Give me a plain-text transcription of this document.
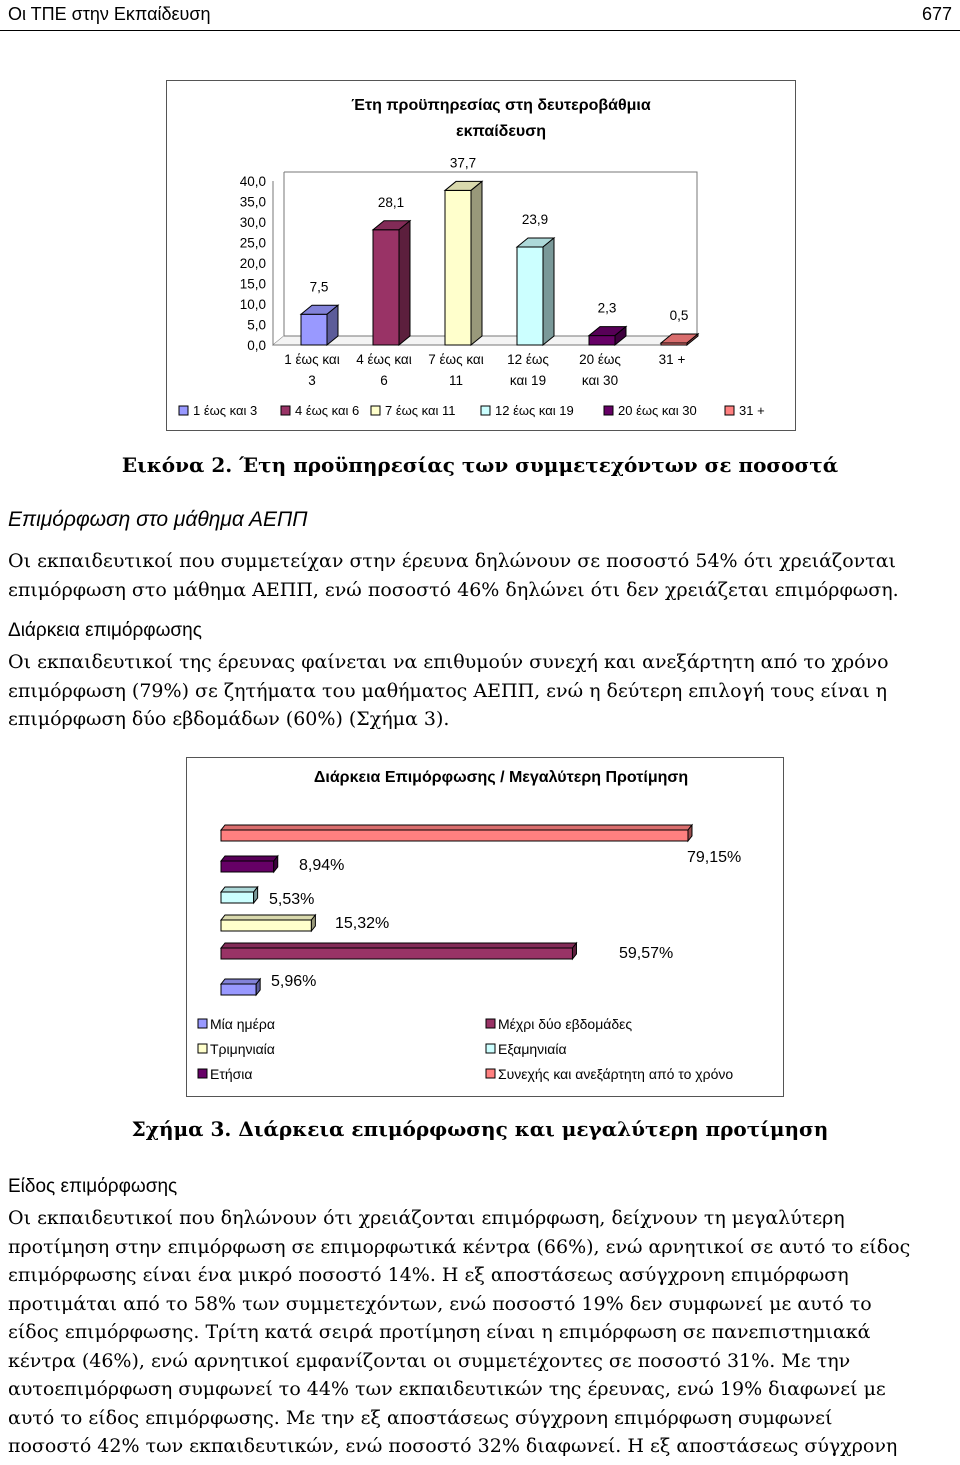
Οι ΤΠΕ στην Εκπαίδευση	677
Έτη προϋπηρεσίας στη δευτεροβάθμια
εκπαίδευση
0,0
5,0
10,0
15,0
20,0
25,0
30,0
35,0
40,0
7,5
1 έως και
3
28,1
4 έως και
6
37,7
7 έως και
11
23,9
12 έως
και 19
2,3
20 έως
και 30
0,5
31 +
1 έως και 3	4 έως και 6 7 έως και 11	12 έως και 19	20 έως και 30	31 +
Εικόνα 2. Έτη προϋπηρεσίας των συμμετεχόντων σε ποσοστά
Επιμόρφωση στο μάθημα ΑΕΠΠ
Οι εκπαιδευτικοί που συμμετείχαν στην έρευνα δηλώνουν σε ποσοστό 54% ότι χρειάζονται
επιμόρφωση στο μάθημα ΑΕΠΠ, ενώ ποσοστό 46% δηλώνει ότι δεν χρειάζεται επιμόρφωση.
Διάρκεια επιμόρφωσης
Οι εκπαιδευτικοί της έρευνας φαίνεται να επιθυμούν συνεχή και ανεξάρτητη από το χρόνο
επιμόρφωση (79%) σε ζητήματα του μαθήματος ΑΕΠΠ, ενώ η δεύτερη επιλογή τους είναι η
επιμόρφωση δύο εβδομάδων (60%) (Σχήμα 3).
Διάρκεια Επιμόρφωσης / Μεγαλύτερη Προτίμηση
5,96%
59,57%
15,32%
5,53%
8,94%	79,15%
Μία ημέρα	Μέχρι δύο εβδομάδες
Τριμηνιαία	Εξαμηνιαία
Ετήσια	Συνεχής και ανεξάρτητη από το χρόνο
Σχήμα 3. Διάρκεια επιμόρφωσης και μεγαλύτερη προτίμηση
Είδος επιμόρφωσης
Οι εκπαιδευτικοί που δηλώνουν ότι χρειάζονται επιμόρφωση, δείχνουν τη μεγαλύτερη
προτίμηση στην επιμόρφωση σε επιμορφωτικά κέντρα (66%), ενώ αρνητικοί σε αυτό το είδος
επιμόρφωσης είναι ένα μικρό ποσοστό 14%. Η εξ αποστάσεως ασύγχρονη επιμόρφωση
προτιμάται από το 58% των συμμετεχόντων, ενώ ποσοστό 19% δεν συμφωνεί με αυτό το
είδος επιμόρφωσης. Τρίτη κατά σειρά προτίμηση είναι η επιμόρφωση σε πανεπιστημιακά
κέντρα (46%), ενώ αρνητικοί εμφανίζονται οι συμμετέχοντες σε ποσοστό 31%. Με την
αυτοεπιμόρφωση συμφωνεί το 44% των εκπαιδευτικών της έρευνας, ενώ 19% διαφωνεί με
αυτό το είδος επιμόρφωσης. Με την εξ αποστάσεως σύγχρονη επιμόρφωση συμφωνεί
ποσοστό 42% των εκπαιδευτικών, ενώ ποσοστό 32% διαφωνεί. Η εξ αποστάσεως σύγχρονη
